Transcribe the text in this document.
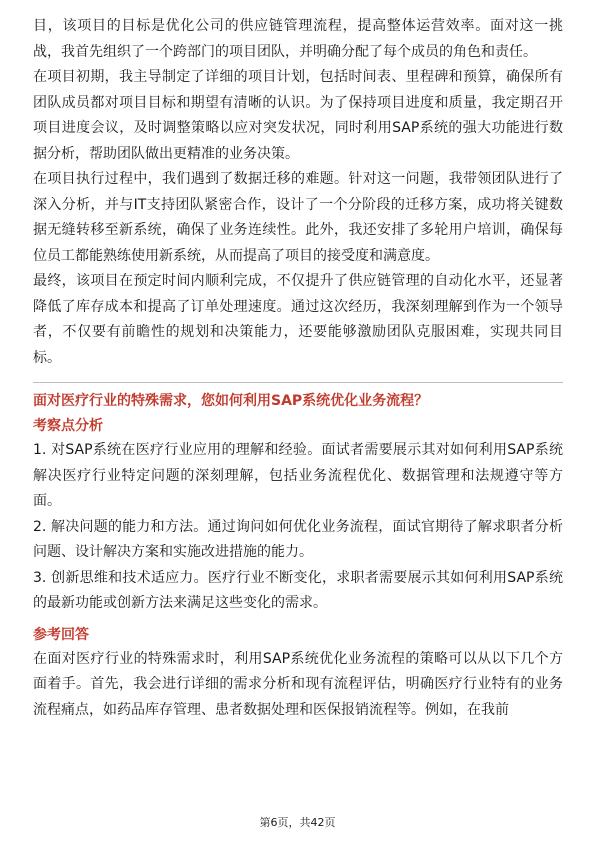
目，该项目的目标是优化公司的供应链管理流程，提高整体运营效率。面对这一挑战，我首先组织了一个跨部门的项目团队，并明确分配了每个成员的角色和责任。

在项目初期，我主导制定了详细的项目计划，包括时间表、里程碑和预算，确保所有团队成员都对项目目标和期望有清晰的认识。为了保持项目进度和质量，我定期召开项目进度会议，及时调整策略以应对突发状况，同时利用SAP系统的强大功能进行数据分析，帮助团队做出更精准的业务决策。

在项目执行过程中，我们遇到了数据迁移的难题。针对这一问题，我带领团队进行了深入分析，并与IT支持团队紧密合作，设计了一个分阶段的迁移方案，成功将关键数据无缝转移至新系统，确保了业务连续性。此外，我还安排了多轮用户培训，确保每位员工都能熟练使用新系统，从而提高了项目的接受度和满意度。

最终，该项目在预定时间内顺利完成，不仅提升了供应链管理的自动化水平，还显著降低了库存成本和提高了订单处理速度。通过这次经历，我深刻理解到作为一个领导者，不仅要有前瞻性的规划和决策能力，还要能够激励团队克服困难，实现共同目标。

面对医疗行业的特殊需求，您如何利用SAP系统优化业务流程？

考察点分析

1. 对SAP系统在医疗行业应用的理解和经验。面试者需要展示其对如何利用SAP系统解决医疗行业特定问题的深刻理解，包括业务流程优化、数据管理和法规遵守等方面。

2. 解决问题的能力和方法。通过询问如何优化业务流程，面试官期待了解求职者分析问题、设计解决方案和实施改进措施的能力。

3. 创新思维和技术适应力。医疗行业不断变化，求职者需要展示其如何利用SAP系统的最新功能或创新方法来满足这些变化的需求。

参考回答

在面对医疗行业的特殊需求时，利用SAP系统优化业务流程的策略可以从以下几个方面着手。首先，我会进行详细的需求分析和现有流程评估，明确医疗行业特有的业务流程痛点，如药品库存管理、患者数据处理和医保报销流程等。例如，在我前

第6页，共42页
